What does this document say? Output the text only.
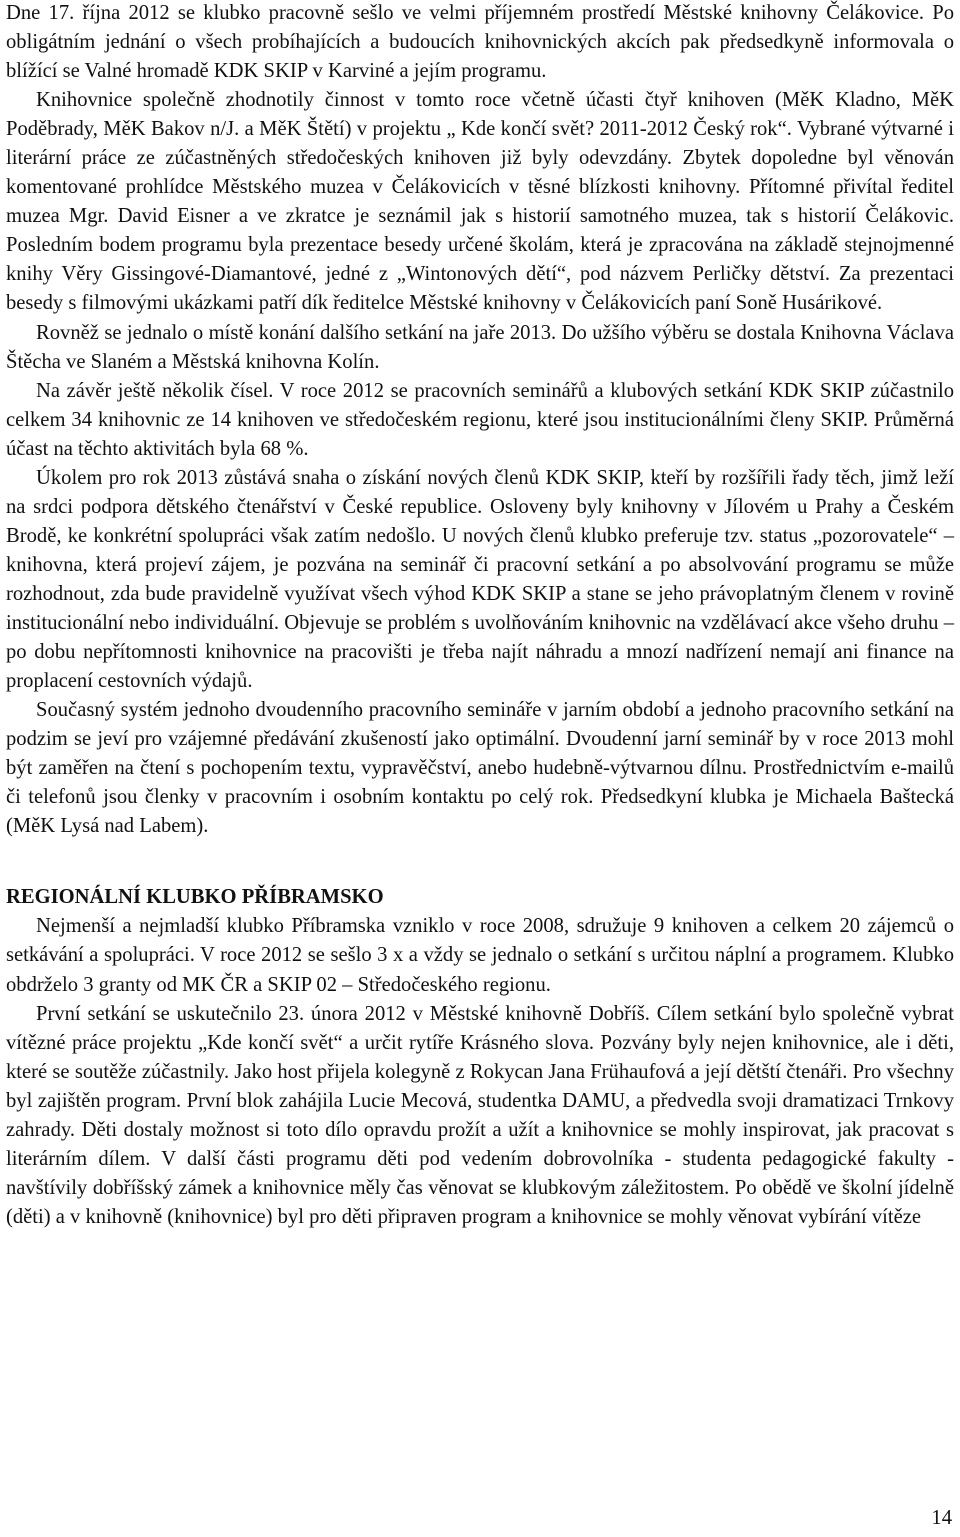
Dne 17. října 2012 se klubko pracovně sešlo ve velmi příjemném prostředí Městské knihovny Čelákovice. Po obligátním jednání o všech probíhajících a budoucích knihovnických akcích pak předsedkyně informovala o blížící se Valné hromadě KDK SKIP v Karviné a jejím programu.

Knihovnice společně zhodnotily činnost v tomto roce včetně účasti čtyř knihoven (MěK Kladno, MěK Poděbrady, MěK Bakov n/J. a MěK Štětí) v projektu „ Kde končí svět? 2011-2012 Český rok“. Vybrané výtvarné i literární práce ze zúčastněných středočeských knihoven již byly odevzdány. Zbytek dopoledne byl věnován komentované prohlídce Městského muzea v Čelákovicích v těsné blízkosti knihovny. Přítomné přivítal ředitel muzea Mgr. David Eisner a ve zkratce je seznámil jak s historií samotného muzea, tak s historií Čelákovic. Posledním bodem programu byla prezentace besedy určené školám, která je zpracována na základě stejnojmenné knihy Věry Gissingové-Diamantové, jedné z „Wintonových dětí“, pod názvem Perličky dětství. Za prezentaci besedy s filmovými ukázkami patří dík ředitelce Městské knihovny v Čelákovicích paní Soně Husárikové.

Rovněž se jednalo o místě konání dalšího setkání na jaře 2013. Do užšího výběru se dostala Knihovna Václava Štěcha ve Slaném a Městská knihovna Kolín.

Na závěr ještě několik čísel. V roce 2012 se pracovních seminářů a klubových setkání KDK SKIP zúčastnilo celkem 34 knihovnic ze 14 knihoven ve středočeském regionu, které jsou institucionálními členy SKIP. Průměrná účast na těchto aktivitách byla 68 %.

Úkolem pro rok 2013 zůstává snaha o získání nových členů KDK SKIP, kteří by rozšířili řady těch, jimž leží na srdci podpora dětského čtenářství v České republice. Osloveny byly knihovny v Jílovém u Prahy a Českém Brodě, ke konkrétní spolupráci však zatím nedošlo. U nových členů klubko preferuje tzv. status „pozorovatele“ – knihovna, která projeví zájem, je pozvána na seminář či pracovní setkání a po absolvování programu se může rozhodnout, zda bude pravidelně využívat všech výhod KDK SKIP a stane se jeho právoplatným členem v rovině institucionální nebo individuální. Objevuje se problém s uvolňováním knihovnic na vzdělávací akce všeho druhu – po dobu nepřítomnosti knihovnice na pracovišti je třeba najít náhradu a mnozí nadřízení nemají ani finance na proplacení cestovních výdajů.

Současný systém jednoho dvoudenního pracovního semináře v jarním období a jednoho pracovního setkání na podzim se jeví pro vzájemné předávání zkušeností jako optimální. Dvoudenní jarní seminář by v roce 2013 mohl být zaměřen na čtení s pochopením textu, vypravěčství, anebo hudebně-výtvarnou dílnu. Prostřednictvím e-mailů či telefonů jsou členky v pracovním i osobním kontaktu po celý rok. Předsedkyní klubka je Michaela Baštecká (MěK Lysá nad Labem).

REGIONÁLNÍ KLUBKO PŘÍBRAMSKO

Nejmenší a nejmladší klubko Příbramska vzniklo v roce 2008, sdružuje 9 knihoven a celkem 20 zájemců o setkávání a spolupráci. V roce 2012 se sešlo 3 x a vždy se jednalo o setkání s určitou náplní a programem. Klubko obdrželo 3 granty od MK ČR a SKIP 02 – Středočeského regionu.

První setkání se uskutečnilo 23. února 2012 v Městské knihovně Dobříš. Cílem setkání bylo společně vybrat vítězné práce projektu „Kde končí svět“ a určit rytíře Krásného slova. Pozvány byly nejen knihovnice, ale i děti, které se soutěže zúčastnily. Jako host přijela kolegyně z Rokycan Jana Frühaufová a její dětští čtenáři. Pro všechny byl zajištěn program. První blok zahájila Lucie Mecová, studentka DAMU, a předvedla svoji dramatizaci Trnkovy zahrady. Děti dostaly možnost si toto dílo opravdu prožít a užít a knihovnice se mohly inspirovat, jak pracovat s literárním dílem. V další části programu děti pod vedením dobrovolníka - studenta pedagogické fakulty - navštívily dobříšský zámek a knihovnice měly čas věnovat se klubkovým záležitostem. Po obědě ve školní jídelně (děti) a v knihovně (knihovnice) byl pro děti připraven program a knihovnice se mohly věnovat vybírání vítěze

14
